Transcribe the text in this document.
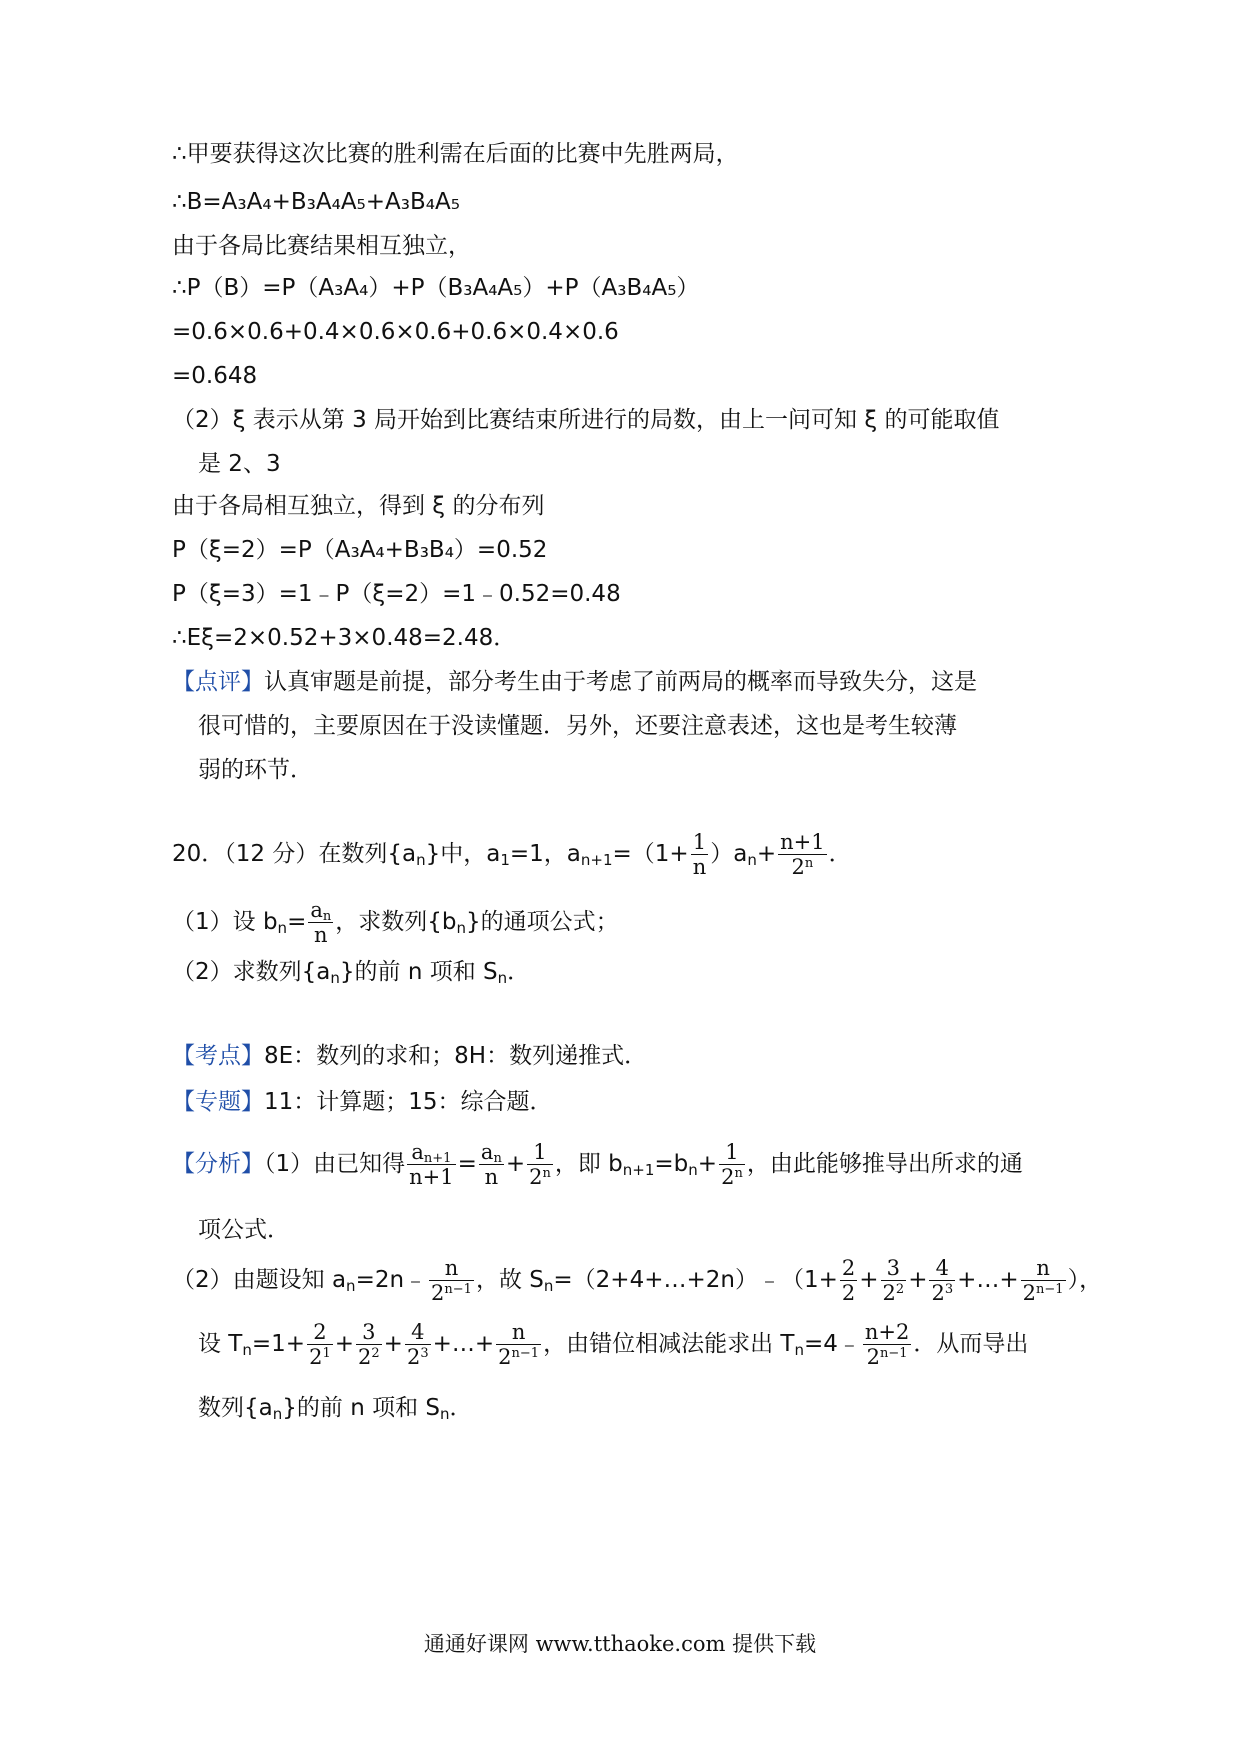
∴甲要获得这次比赛的胜利需在后面的比赛中先胜两局，
∴B=A₃A₄+B₃A₄A₅+A₃B₄A₅
由于各局比赛结果相互独立，
∴P（B）=P（A₃A₄）+P（B₃A₄A₅）+P（A₃B₄A₅）
=0.6×0.6+0.4×0.6×0.6+0.6×0.4×0.6
=0.648
（2）ξ 表示从第 3 局开始到比赛结束所进行的局数，由上一问可知 ξ 的可能取值
是 2、3
由于各局相互独立，得到 ξ 的分布列
P（ξ=2）=P（A₃A₄+B₃B₄）=0.52
P（ξ=3）=1﹣P（ξ=2）=1﹣0.52=0.48
∴Eξ=2×0.52+3×0.48=2.48．
【点评】认真审题是前提，部分考生由于考虑了前两局的概率而导致失分，这是
很可惜的，主要原因在于没读懂题．另外，还要注意表述，这也是考生较薄
弱的环节．
20．（12 分）在数列$\{a_n\}$中，$a_1=1$，$a_{n+1}=(1+ \frac{1}{n} )a_n+ \frac{n+1}{2^n}$ ．
（1）设 $b_n= \frac{a_n}{n}$ ，求数列$\{b_n\}$的通项公式；
（2）求数列$\{a_n\}$的前 n 项和 $S_n$．
【考点】8E：数列的求和；8H：数列递推式．
【专题】11：计算题；15：综合题．
【分析】（1）由已知得 $\frac{a_{n+1}}{n+1} = \frac{a_n}{n} + \frac{1}{2^n}$ ，即 $b_{n+1}=b_n+ \frac{1}{2^n}$ ，由此能够推导出所求的通
项公式．
（2）由题设知 $a_n=2n﹣ \frac{n}{2^{n-1}}$ ，故 $S_n=(2+4+\dots+2n)﹣(1+ \frac{2}{2} + \frac{3}{2^2} + \frac{4}{2^3}$ +…+ $\frac{n}{2^{n-1}}$ ），
设 $T_n=1+ \frac{2}{2^1} + \frac{3}{2^2} + \frac{4}{2^3}$ +…+ $\frac{n}{2^{n-1}}$ ，由错位相减法能求出 $T_n=4﹣ \frac{n+2}{2^{n-1}}$ ．从而导出
数列$\{a_n\}$的前 n 项和 $S_n$．
通通好课网 www.tthaoke.com 提供下载
